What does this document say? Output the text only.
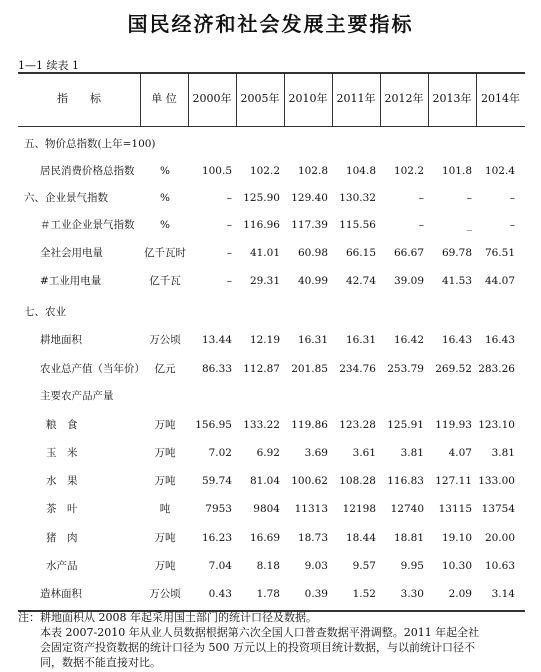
国民经济和社会发展主要指标
1—1 续表 1
指　　标	单 位	2000年 2005年 2010年 2011年 2012年 2013年 2014年
五、物价总指数(上年=100)
居民消费价格总指数	%	100.5	102.2	102.8	104.8	102.2	101.8	102.4
六、企业景气指数	%	–	125.90	129.40	130.32	–	–	–
＃工业企业景气指数	%	–	116.96	117.39	115.56	–	_	–
全社会用电量	亿千瓦时	–	41.01	60.98	66.15	66.67	69.78	76.51
#工业用电量	亿千瓦	–	29.31	40.99	42.74	39.09	41.53	44.07
七、农业
耕地面积	万公顷	13.44	12.19	16.31	16.31	16.42	16.43	16.43
农业总产值（当年价） 亿元	86.33	112.87	201.85	234.76	253.79	269.52 283.26
主要农产品产量
粮　食	万吨	156.95	133.22	119.86	123.28	125.91	119.93 123.10
玉　米	万吨	7.02	6.92	3.69	3.61	3.81	4.07	3.81
水　果	万吨	59.74	81.04	100.62	108.28	116.83	127.11 133.00
茶　叶	吨	7953	9804	11313	12198	12740	13115 13754
猪　肉	万吨	16.23	16.69	18.73	18.44	18.81	19.10	20.00
水产品	万吨	7.04	8.18	9.03	9.57	9.95	10.30	10.63
造林面积	万公顷	0.43	1.78	0.39	1.52	3.30	2.09	3.14
注：耕地面积从 2008 年起采用国土部门的统计口径及数据。
本表 2007-2010 年从业人员数据根据第六次全国人口普查数据平滑调整。2011 年起全社
会固定资产投资数据的统计口径为 500 万元以上的投资项目统计数据，与以前统计口径不
同，数据不能直接对比。
